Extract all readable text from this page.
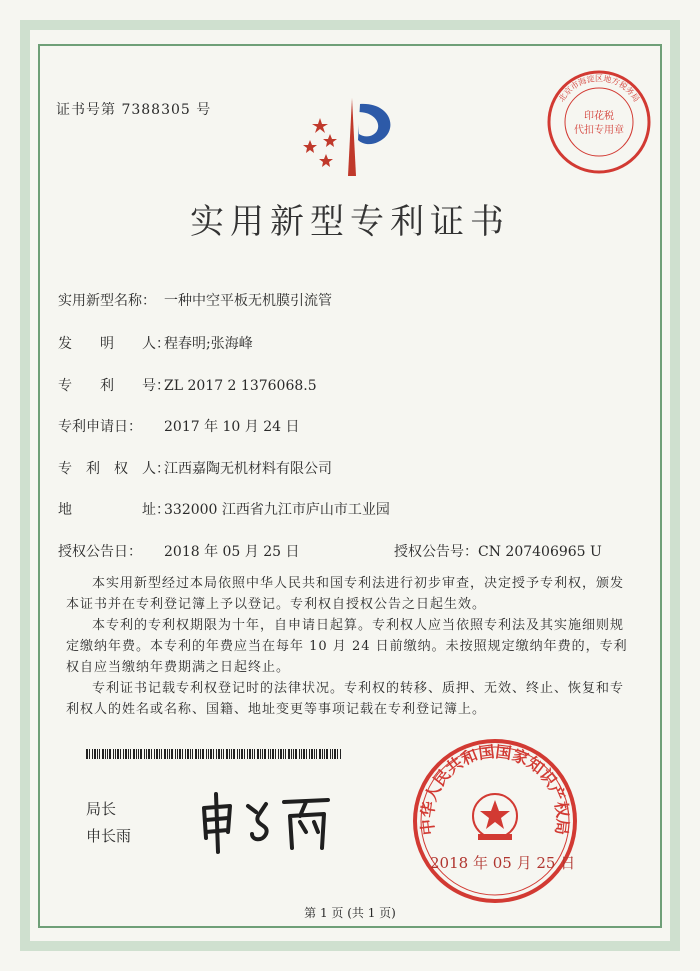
证书号第 7388305 号	印花税
代扣专用章
北京市海淀区地方税务局
实用新型专利证书
实用新型名称： 一种中空平板无机膜引流管
发　　明　　人：程春明;张海峰
专　　利　　号：ZL 2017 2 1376068.5
专利申请日： 2017 年 10 月 24 日
专　利　权　人：江西嘉陶无机材料有限公司
地　　　　　址：332000 江西省九江市庐山市工业园
授权公告日： 2018 年 05 月 25 日	授权公告号：CN 207406965 U
本实用新型经过本局依照中华人民共和国专利法进行初步审查，决定授予专利权，颁发本证书并在专利登记簿上予以登记。专利权自授权公告之日起生效。
本专利的专利权期限为十年，自申请日起算。专利权人应当依照专利法及其实施细则规定缴纳年费。本专利的年费应当在每年 10 月 24 日前缴纳。未按照规定缴纳年费的，专利权自应当缴纳年费期满之日起终止。
专利证书记载专利权登记时的法律状况。专利权的转移、质押、无效、终止、恢复和专利权人的姓名或名称、国籍、地址变更等事项记载在专利登记簿上。
局长
申长雨	中华人民共和国国家知识产权局
2018 年 05 月 25 日
第 1 页 (共 1 页)
